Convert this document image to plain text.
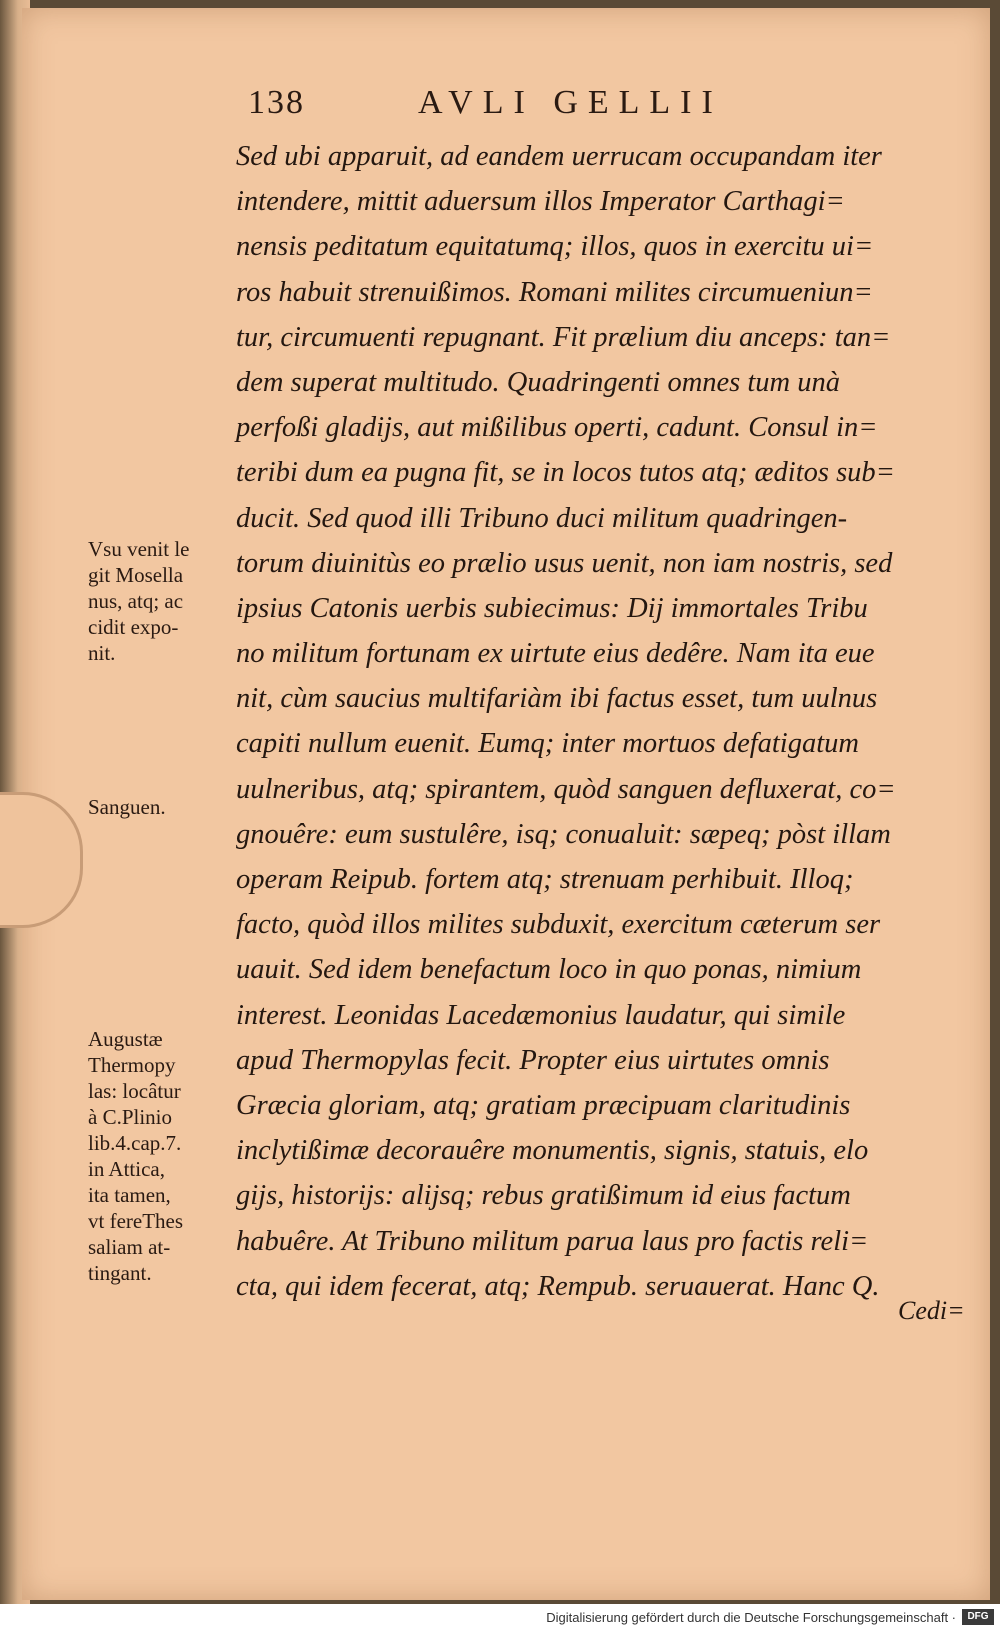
138	AVLI GELLII
Sed ubi apparuit, ad eandem uerrucam occupandam iter
intendere, mittit aduersum illos Imperator Carthagi=
nensis peditatum equitatumq; illos, quos in exercitu ui=
ros habuit strenuißimos. Romani milites circumueniun=
tur, circumuenti repugnant. Fit prælium diu anceps: tan=
dem superat multitudo. Quadringenti omnes tum unà
perfoßi gladijs, aut mißilibus operti, cadunt. Consul in=
teribi dum ea pugna fit, se in locos tutos atq; æditos sub=
ducit. Sed quod illi Tribuno duci militum quadringen-
torum diuinitùs eo prælio usus uenit, non iam nostris, sed
ipsius Catonis uerbis subiecimus: Dij immortales Tribu
no militum fortunam ex uirtute eius dedêre. Nam ita eue
nit, cùm saucius multifariàm ibi factus esset, tum uulnus
capiti nullum euenit. Eumq; inter mortuos defatigatum
uulneribus, atq; spirantem, quòd sanguen defluxerat, co=
gnouêre: eum sustulêre, isq; conualuit: sæpeq; pòst illam
operam Reipub. fortem atq; strenuam perhibuit. Illoq;
facto, quòd illos milites subduxit, exercitum cæterum ser
uauit. Sed idem benefactum loco in quo ponas, nimium
interest. Leonidas Lacedæmonius laudatur, qui simile
apud Thermopylas fecit. Propter eius uirtutes omnis
Græcia gloriam, atq; gratiam præcipuam claritudinis
inclytißimæ decorauêre monumentis, signis, statuis, elo
gijs, historijs: alijsq; rebus gratißimum id eius factum
habuêre. At Tribuno militum parua laus pro factis reli=
cta, qui idem fecerat, atq; Rempub. seruauerat. Hanc Q.
Vsu venit le
git Mosella
nus, atq; ac
cidit expo-
nit.
Sanguen.
Augustæ
Thermopy
las: locâtur
à C.Plinio
lib.4.cap.7.
in Attica,
ita tamen,
vt fereThes
saliam at-
tingant.
Cedi=
Digitalisierung gefördert durch die Deutsche Forschungsgemeinschaft ·	DFG
